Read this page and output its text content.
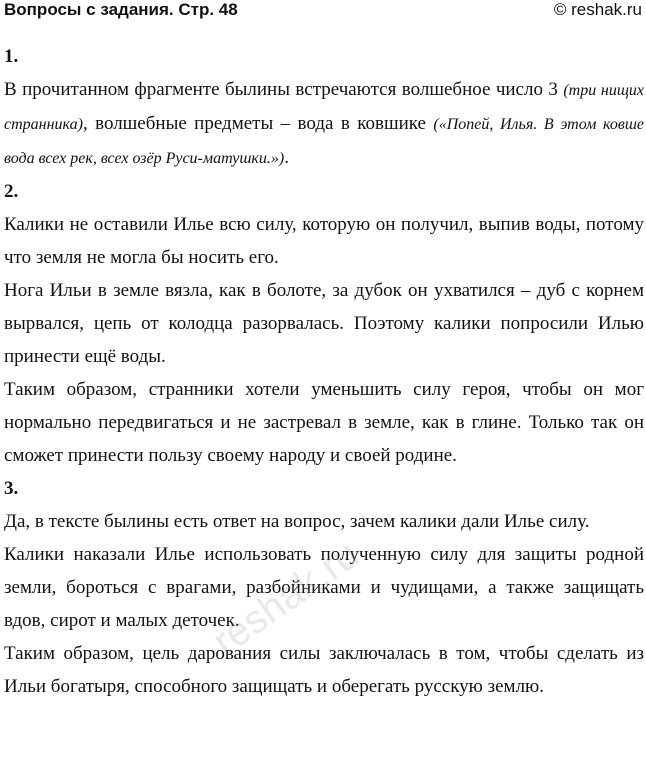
Вопросы с задания. Стр. 48	© reshak.ru

1.

В прочитанном фрагменте былины встречаются волшебное число 3 (три нищих странника), волшебные предметы – вода в ковшике («Попей, Илья. В этом ковше вода всех рек, всех озёр Руси-матушки.»).

2.

Калики не оставили Илье всю силу, которую он получил, выпив воды, потому что земля не могла бы носить его.

Нога Ильи в земле вязла, как в болоте, за дубок он ухватился – дуб с корнем вырвался, цепь от колодца разорвалась. Поэтому калики попросили Илью принести ещё воды.

Таким образом, странники хотели уменьшить силу героя, чтобы он мог нормально передвигаться и не застревал в земле, как в глине. Только так он сможет принести пользу своему народу и своей родине.

3.

Да, в тексте былины есть ответ на вопрос, зачем калики дали Илье силу.

Калики наказали Илье использовать полученную силу для защиты родной земли, бороться с врагами, разбойниками и чудищами, а также защищать вдов, сирот и малых деточек.

Таким образом, цель дарования силы заключалась в том, чтобы сделать из Ильи богатыря, способного защищать и оберегать русскую землю.

reshak.ru
